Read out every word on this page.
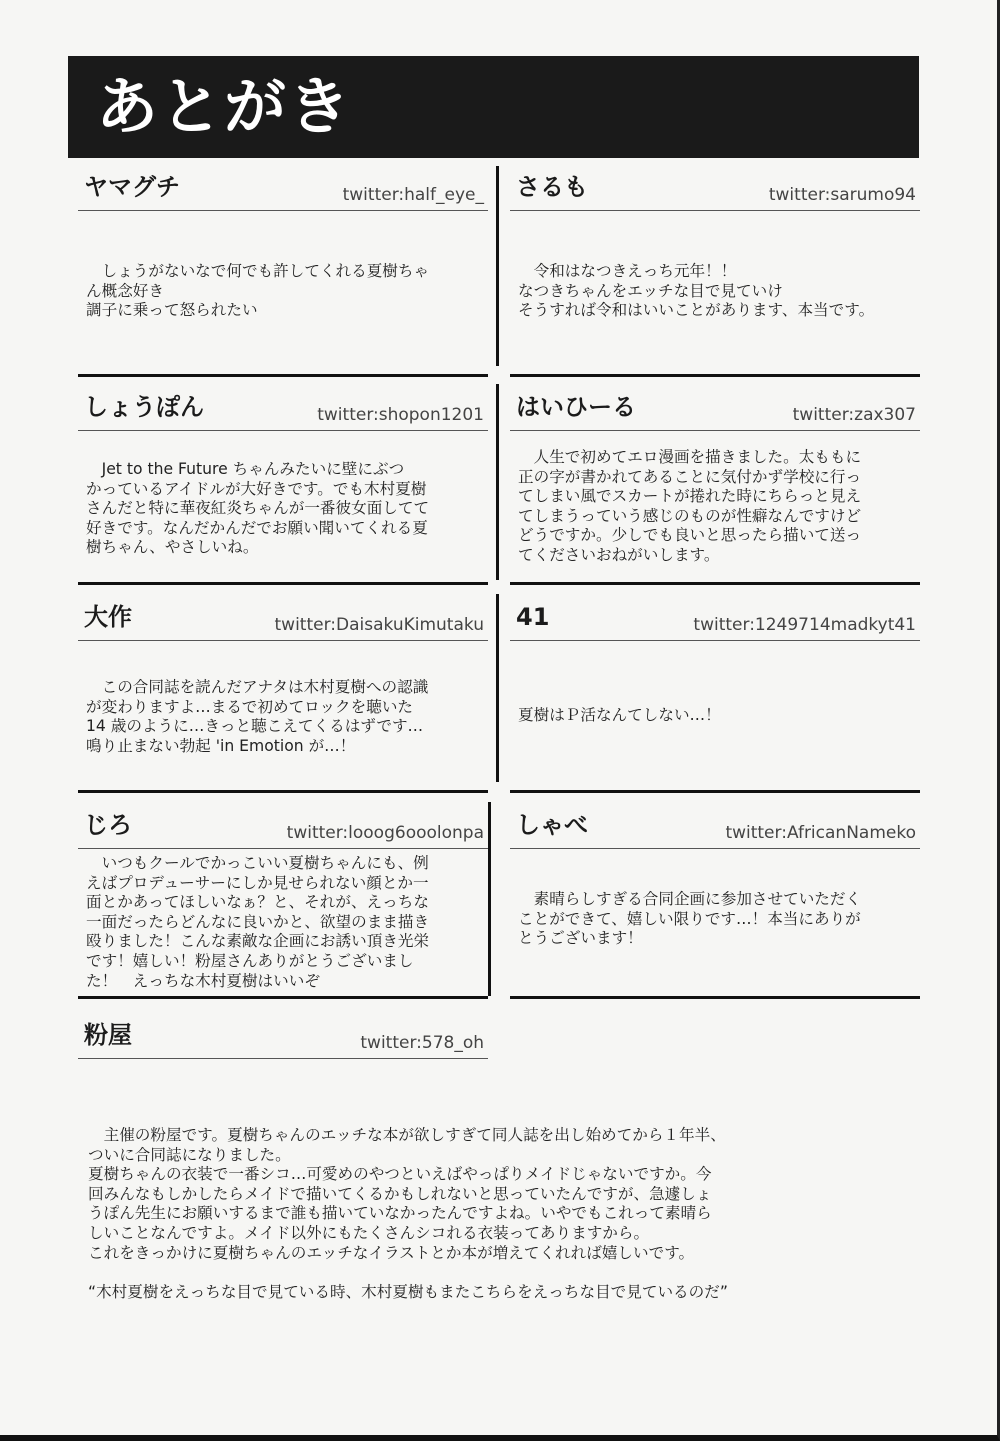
あとがき
ヤマグチ	twitter:half_eye_
　しょうがないなで何でも許してくれる夏樹ちゃ
ん概念好き
調子に乗って怒られたい
さるも	twitter:sarumo94
　令和はなつきえっち元年！！
なつきちゃんをエッチな目で見ていけ
そうすれば令和はいいことがあります、本当です。
しょうぽん	twitter:shopon1201
　Jet to the Future ちゃんみたいに壁にぶつ
かっているアイドルが大好きです。でも木村夏樹
さんだと特に華夜紅炎ちゃんが一番彼女面してて
好きです。なんだかんだでお願い聞いてくれる夏
樹ちゃん、やさしいね。
はいひーる	twitter:zax307
　人生で初めてエロ漫画を描きました。太ももに
正の字が書かれてあることに気付かず学校に行っ
てしまい風でスカートが捲れた時にちらっと見え
てしまうっていう感じのものが性癖なんですけど
どうですか。少しでも良いと思ったら描いて送っ
てくださいおねがいします。
大作	twitter:DaisakuKimutaku
　この合同誌を読んだアナタは木村夏樹への認識
が変わりますよ…まるで初めてロックを聴いた
14 歳のように…きっと聴こえてくるはずです…
鳴り止まない勃起 'in Emotion が…！
41	twitter:1249714madkyt41
夏樹はＰ活なんてしない…！
じろ	twitter:looog6ooolonpa
　いつもクールでかっこいい夏樹ちゃんにも、例
えばプロデューサーにしか見せられない顔とか一
面とかあってほしいなぁ？と、それが、えっちな
一面だったらどんなに良いかと、欲望のまま描き
殴りました！こんな素敵な企画にお誘い頂き光栄
です！嬉しい！粉屋さんありがとうございまし
た！　えっちな木村夏樹はいいぞ
しゃべ	twitter:AfricanNameko
　素晴らしすぎる合同企画に参加させていただく
ことができて、嬉しい限りです…！本当にありが
とうございます！
粉屋	twitter:578_oh
　主催の粉屋です。夏樹ちゃんのエッチな本が欲しすぎて同人誌を出し始めてから１年半、
ついに合同誌になりました。
夏樹ちゃんの衣装で一番シコ…可愛めのやつといえばやっぱりメイドじゃないですか。今
回みんなもしかしたらメイドで描いてくるかもしれないと思っていたんですが、急遽しょ
うぽん先生にお願いするまで誰も描いていなかったんですよね。いやでもこれって素晴ら
しいことなんですよ。メイド以外にもたくさんシコれる衣装ってありますから。
これをきっかけに夏樹ちゃんのエッチなイラストとか本が増えてくれれば嬉しいです。
“木村夏樹をえっちな目で見ている時、木村夏樹もまたこちらをえっちな目で見ているのだ”
